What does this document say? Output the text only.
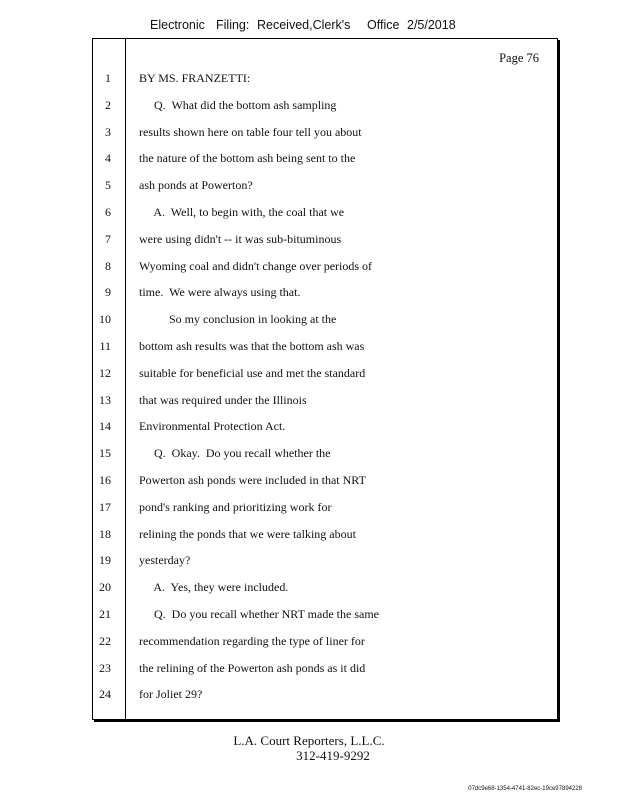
Electronic Filing: Received,Clerk's Office 2/5/2018
Page 76
1 BY MS. FRANZETTI:
2 Q.  What did the bottom ash sampling
3 results shown here on table four tell you about
4 the nature of the bottom ash being sent to the
5 ash ponds at Powerton?
6 A.  Well, to begin with, the coal that we
7 were using didn't -- it was sub-bituminous
8 Wyoming coal and didn't change over periods of
9 time.  We were always using that.
10 So my conclusion in looking at the
11 bottom ash results was that the bottom ash was
12 suitable for beneficial use and met the standard
13 that was required under the Illinois
14 Environmental Protection Act.
15 Q.  Okay.  Do you recall whether the
16 Powerton ash ponds were included in that NRT
17 pond's ranking and prioritizing work for
18 relining the ponds that we were talking about
19 yesterday?
20 A.  Yes, they were included.
21 Q.  Do you recall whether NRT made the same
22 recommendation regarding the type of liner for
23 the relining of the Powerton ash ponds as it did
24 for Joliet 29?
L.A. Court Reporters, L.L.C.
312-419-9292
07dc9e68-1354-4741-82ec-19ce97894228
